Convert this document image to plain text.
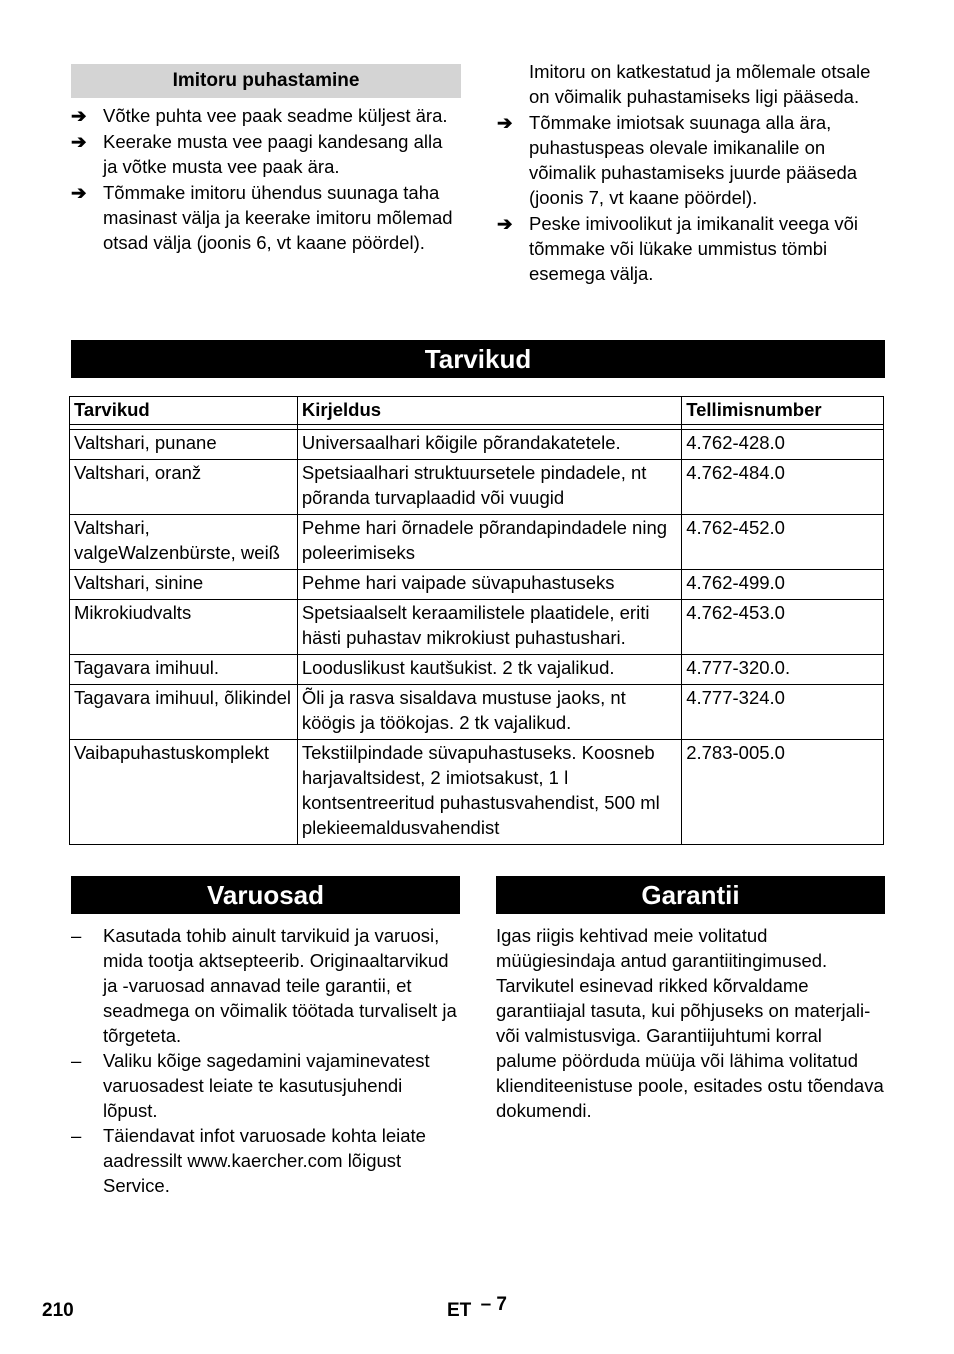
Imitoru puhastamine
➔ Võtke puhta vee paak seadme küljest ära.
➔ Keerake musta vee paagi kandesang alla ja võtke musta vee paak ära.
➔ Tõmmake imitoru ühendus suunaga taha masinast välja ja keerake imitoru mõlemad otsad välja (joonis 6, vt kaane pöördel).
Imitoru on katkestatud ja mõlemale otsale on võimalik puhastamiseks ligi pääseda.
➔ Tõmmake imiotsak suunaga alla ära, puhastuspeas olevale imikanalile on võimalik puhastamiseks juurde pääseda (joonis 7, vt kaane pöördel).
➔ Peske imivoolikut ja imikanalit veega või tõmmake või lükake ummistus tömbi esemega välja.
Tarvikud
Tarvikud	Kirjeldus	Tellimisnumber

Valtshari, punane	Universaalhari kõigile põrandakatetele.	4.762-428.0
Valtshari, oranž	Spetsiaalhari struktuursetele pindadele, nt põranda turvaplaadid või vuugid	4.762-484.0
Valtshari, valgeWalzenbürste, weiß	Pehme hari õrnadele põrandapindadele ning poleerimiseks	4.762-452.0
Valtshari, sinine	Pehme hari vaipade süvapuhastuseks	4.762-499.0
Mikrokiudvalts	Spetsiaalselt keraamilistele plaatidele, eriti hästi puhastav mikrokiust puhastushari.	4.762-453.0
Tagavara imihuul.	Looduslikust kautšukist. 2 tk vajalikud.	4.777-320.0.
Tagavara imihuul, õlikindel	Õli ja rasva sisaldava mustuse jaoks, nt köögis ja töökojas. 2 tk vajalikud.	4.777-324.0
Vaibapuhastuskomplekt	Tekstiilpindade süvapuhastuseks. Koosneb harjavaltsidest, 2 imiotsakust, 1 l kontsentreeritud puhastusvahendist, 500 ml plekieemaldusvahendist	2.783-005.0
Varuosad
– Kasutada tohib ainult tarvikuid ja varuosi, mida tootja aktsepteerib. Originaaltarvikud ja -varuosad annavad teile garantii, et seadmega on võimalik töötada turvaliselt ja tõrgeteta.
– Valiku kõige sagedamini vajaminevatest varuosadest leiate te kasutusjuhendi lõpust.
– Täiendavat infot varuosade kohta leiate aadressilt www.kaercher.com lõigust Service.
Garantii
Igas riigis kehtivad meie volitatud müügiesindaja antud garantiitingimused. Tarvikutel esinevad rikked kõrvaldame garantiiajal tasuta, kui põhjuseks on materjali- või valmistusviga. Garantiijuhtumi korral palume pöörduda müüja või lähima volitatud klienditeenistuse poole, esitades ostu tõendava dokumendi.
210	ET – 7
